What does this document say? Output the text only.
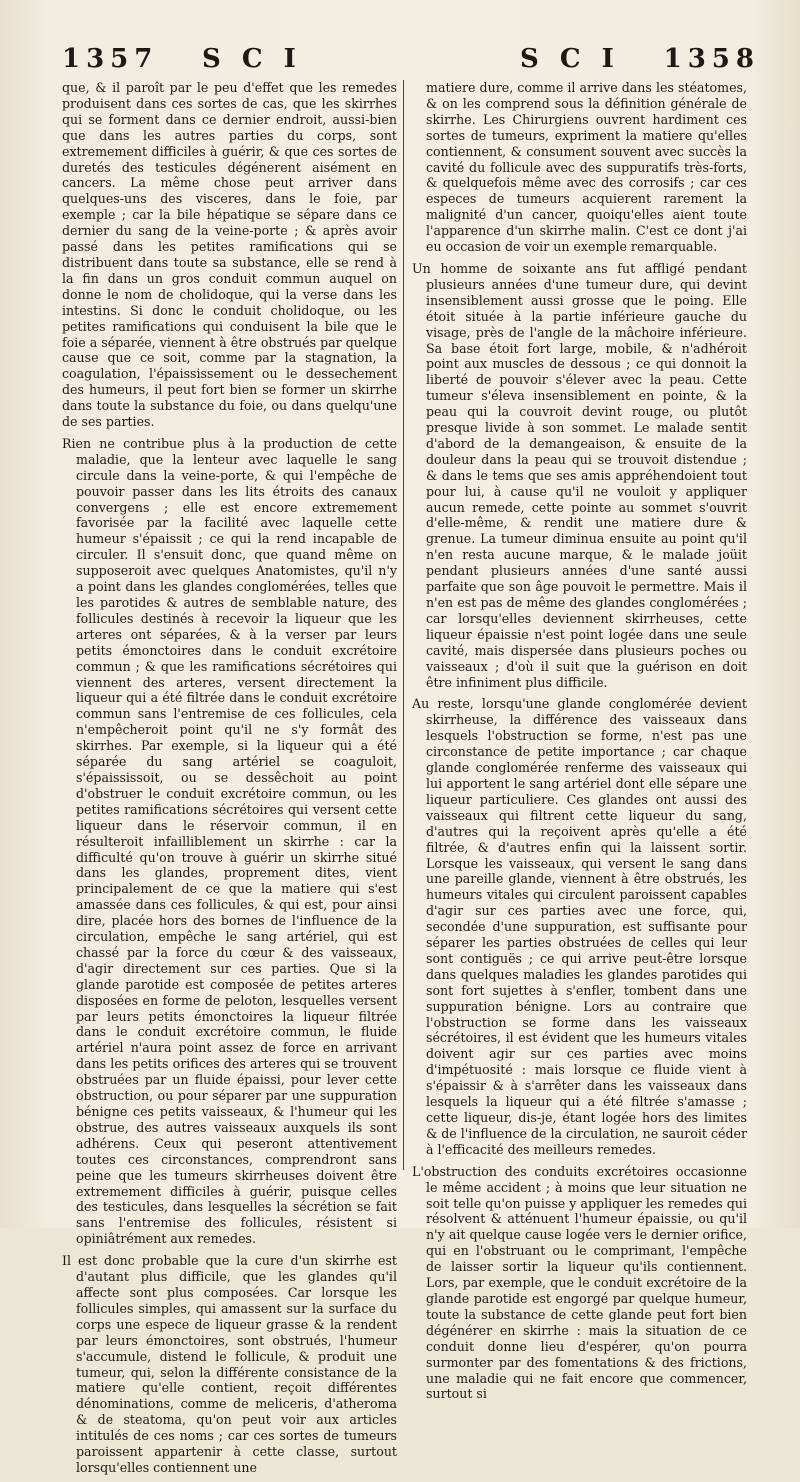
1357 S C I	S C I 1358

que, & il paroît par le peu d'effet que les remedes produisent dans ces sortes de cas, que les skirrhes qui se forment dans ce dernier endroit, aussi-bien que dans les autres parties du corps, sont extremement difficiles à guérir, & que ces sortes de duretés des testicules dégénerent aisément en cancers. La même chose peut arriver dans quelques-uns des visceres, dans le foie, par exemple ; car la bile hépatique se sépare dans ce dernier du sang de la veine-porte ; & après avoir passé dans les petites ramifications qui se distribuent dans toute sa substance, elle se rend à la fin dans un gros conduit commun auquel on donne le nom de cholidoque, qui la verse dans les intestins. Si donc le conduit cholidoque, ou les petites ramifications qui conduisent la bile que le foie a séparée, viennent à être obstrués par quelque cause que ce soit, comme par la stagnation, la coagulation, l'épaississement ou le dessechement des humeurs, il peut fort bien se former un skirrhe dans toute la substance du foie, ou dans quelqu'une de ses parties.

Rien ne contribue plus à la production de cette maladie, que la lenteur avec laquelle le sang circule dans la veine-porte, & qui l'empêche de pouvoir passer dans les lits étroits des canaux convergens ; elle est encore extremement favorisée par la facilité avec laquelle cette humeur s'épaissit ; ce qui la rend incapable de circuler. Il s'ensuit donc, que quand même on supposeroit avec quelques Anatomistes, qu'il n'y a point dans les glandes conglomérées, telles que les parotides & autres de semblable nature, des follicules destinés à recevoir la liqueur que les arteres ont séparées, & à la verser par leurs petits émonctoires dans le conduit excrétoire commun ; & que les ramifications sécrétoires qui viennent des arteres, versent directement la liqueur qui a été filtrée dans le conduit excrétoire commun sans l'entremise de ces follicules, cela n'empêcheroit point qu'il ne s'y formât des skirrhes. Par exemple, si la liqueur qui a été séparée du sang artériel se coaguloit, s'épaississoit, ou se dessêchoit au point d'obstruer le conduit excrétoire commun, ou les petites ramifications sécrétoires qui versent cette liqueur dans le réservoir commun, il en résulteroit infailliblement un skirrhe : car la difficulté qu'on trouve à guérir un skirrhe situé dans les glandes, proprement dites, vient principalement de ce que la matiere qui s'est amassée dans ces follicules, & qui est, pour ainsi dire, placée hors des bornes de l'influence de la circulation, empêche le sang artériel, qui est chassé par la force du cœur & des vaisseaux, d'agir directement sur ces parties. Que si la glande parotide est composée de petites arteres disposées en forme de peloton, lesquelles versent par leurs petits émonctoires la liqueur filtrée dans le conduit excrétoire commun, le fluide artériel n'aura point assez de force en arrivant dans les petits orifices des arteres qui se trouvent obstruées par un fluide épaissi, pour lever cette obstruction, ou pour séparer par une suppuration bénigne ces petits vaisseaux, & l'humeur qui les obstrue, des autres vaisseaux auxquels ils sont adhérens. Ceux qui peseront attentivement toutes ces circonstances, comprendront sans peine que les tumeurs skirrheuses doivent être extremement difficiles à guérir, puisque celles des testicules, dans lesquelles la sécrétion se fait sans l'entremise des follicules, résistent si opiniâtrément aux remedes.

Il est donc probable que la cure d'un skirrhe est d'autant plus difficile, que les glandes qu'il affecte sont plus composées. Car lorsque les follicules simples, qui amassent sur la surface du corps une espece de liqueur grasse & la rendent par leurs émonctoires, sont obstrués, l'humeur s'accumule, distend le follicule, & produit une tumeur, qui, selon la différente consistance de la matiere qu'elle contient, reçoit différentes dénominations, comme de meliceris, d'atheroma & de steatoma, qu'on peut voir aux articles intitulés de ces noms ; car ces sortes de tumeurs paroissent appartenir à cette classe, surtout lorsqu'elles contiennent une

matiere dure, comme il arrive dans les stéatomes, & on les comprend sous la définition générale de skirrhe. Les Chirurgiens ouvrent hardiment ces sortes de tumeurs, expriment la matiere qu'elles contiennent, & consument souvent avec succès la cavité du follicule avec des suppuratifs très-forts, & quelquefois même avec des corrosifs ; car ces especes de tumeurs acquierent rarement la malignité d'un cancer, quoiqu'elles aient toute l'apparence d'un skirrhe malin. C'est ce dont j'ai eu occasion de voir un exemple remarquable.

Un homme de soixante ans fut affligé pendant plusieurs années d'une tumeur dure, qui devint insensiblement aussi grosse que le poing. Elle étoit située à la partie inférieure gauche du visage, près de l'angle de la mâchoire inférieure. Sa base étoit fort large, mobile, & n'adhéroit point aux muscles de dessous ; ce qui donnoit la liberté de pouvoir s'élever avec la peau. Cette tumeur s'éleva insensiblement en pointe, & la peau qui la couvroit devint rouge, ou plutôt presque livide à son sommet. Le malade sentit d'abord de la demangeaison, & ensuite de la douleur dans la peau qui se trouvoit distendue ; & dans le tems que ses amis appréhendoient tout pour lui, à cause qu'il ne vouloit y appliquer aucun remede, cette pointe au sommet s'ouvrit d'elle-même, & rendit une matiere dure & grenue. La tumeur diminua ensuite au point qu'il n'en resta aucune marque, & le malade joüit pendant plusieurs années d'une santé aussi parfaite que son âge pouvoit le permettre. Mais il n'en est pas de même des glandes conglomérées ; car lorsqu'elles deviennent skirrheuses, cette liqueur épaissie n'est point logée dans une seule cavité, mais dispersée dans plusieurs poches ou vaisseaux ; d'où il suit que la guérison en doit être infiniment plus difficile.

Au reste, lorsqu'une glande conglomérée devient skirrheuse, la différence des vaisseaux dans lesquels l'obstruction se forme, n'est pas une circonstance de petite importance ; car chaque glande conglomérée renferme des vaisseaux qui lui apportent le sang artériel dont elle sépare une liqueur particuliere. Ces glandes ont aussi des vaisseaux qui filtrent cette liqueur du sang, d'autres qui la reçoivent après qu'elle a été filtrée, & d'autres enfin qui la laissent sortir. Lorsque les vaisseaux, qui versent le sang dans une pareille glande, viennent à être obstrués, les humeurs vitales qui circulent paroissent capables d'agir sur ces parties avec une force, qui, secondée d'une suppuration, est suffisante pour séparer les parties obstruées de celles qui leur sont contiguës ; ce qui arrive peut-être lorsque dans quelques maladies les glandes parotides qui sont fort sujettes à s'enfler, tombent dans une suppuration bénigne. Lors au contraire que l'obstruction se forme dans les vaisseaux sécrétoires, il est évident que les humeurs vitales doivent agir sur ces parties avec moins d'impétuosité : mais lorsque ce fluide vient à s'épaissir & à s'arrêter dans les vaisseaux dans lesquels la liqueur qui a été filtrée s'amasse ; cette liqueur, dis-je, étant logée hors des limites & de l'influence de la circulation, ne sauroit céder à l'efficacité des meilleurs remedes.

L'obstruction des conduits excrétoires occasionne le même accident ; à moins que leur situation ne soit telle qu'on puisse y appliquer les remedes qui résolvent & atténuent l'humeur épaissie, ou qu'il n'y ait quelque cause logée vers le dernier orifice, qui en l'obstruant ou le comprimant, l'empêche de laisser sortir la liqueur qu'ils contiennent. Lors, par exemple, que le conduit excrétoire de la glande parotide est engorgé par quelque humeur, toute la substance de cette glande peut fort bien dégénérer en skirrhe : mais la situation de ce conduit donne lieu d'espérer, qu'on pourra surmonter par des fomentations & des frictions, une maladie qui ne fait encore que commencer, surtout si
